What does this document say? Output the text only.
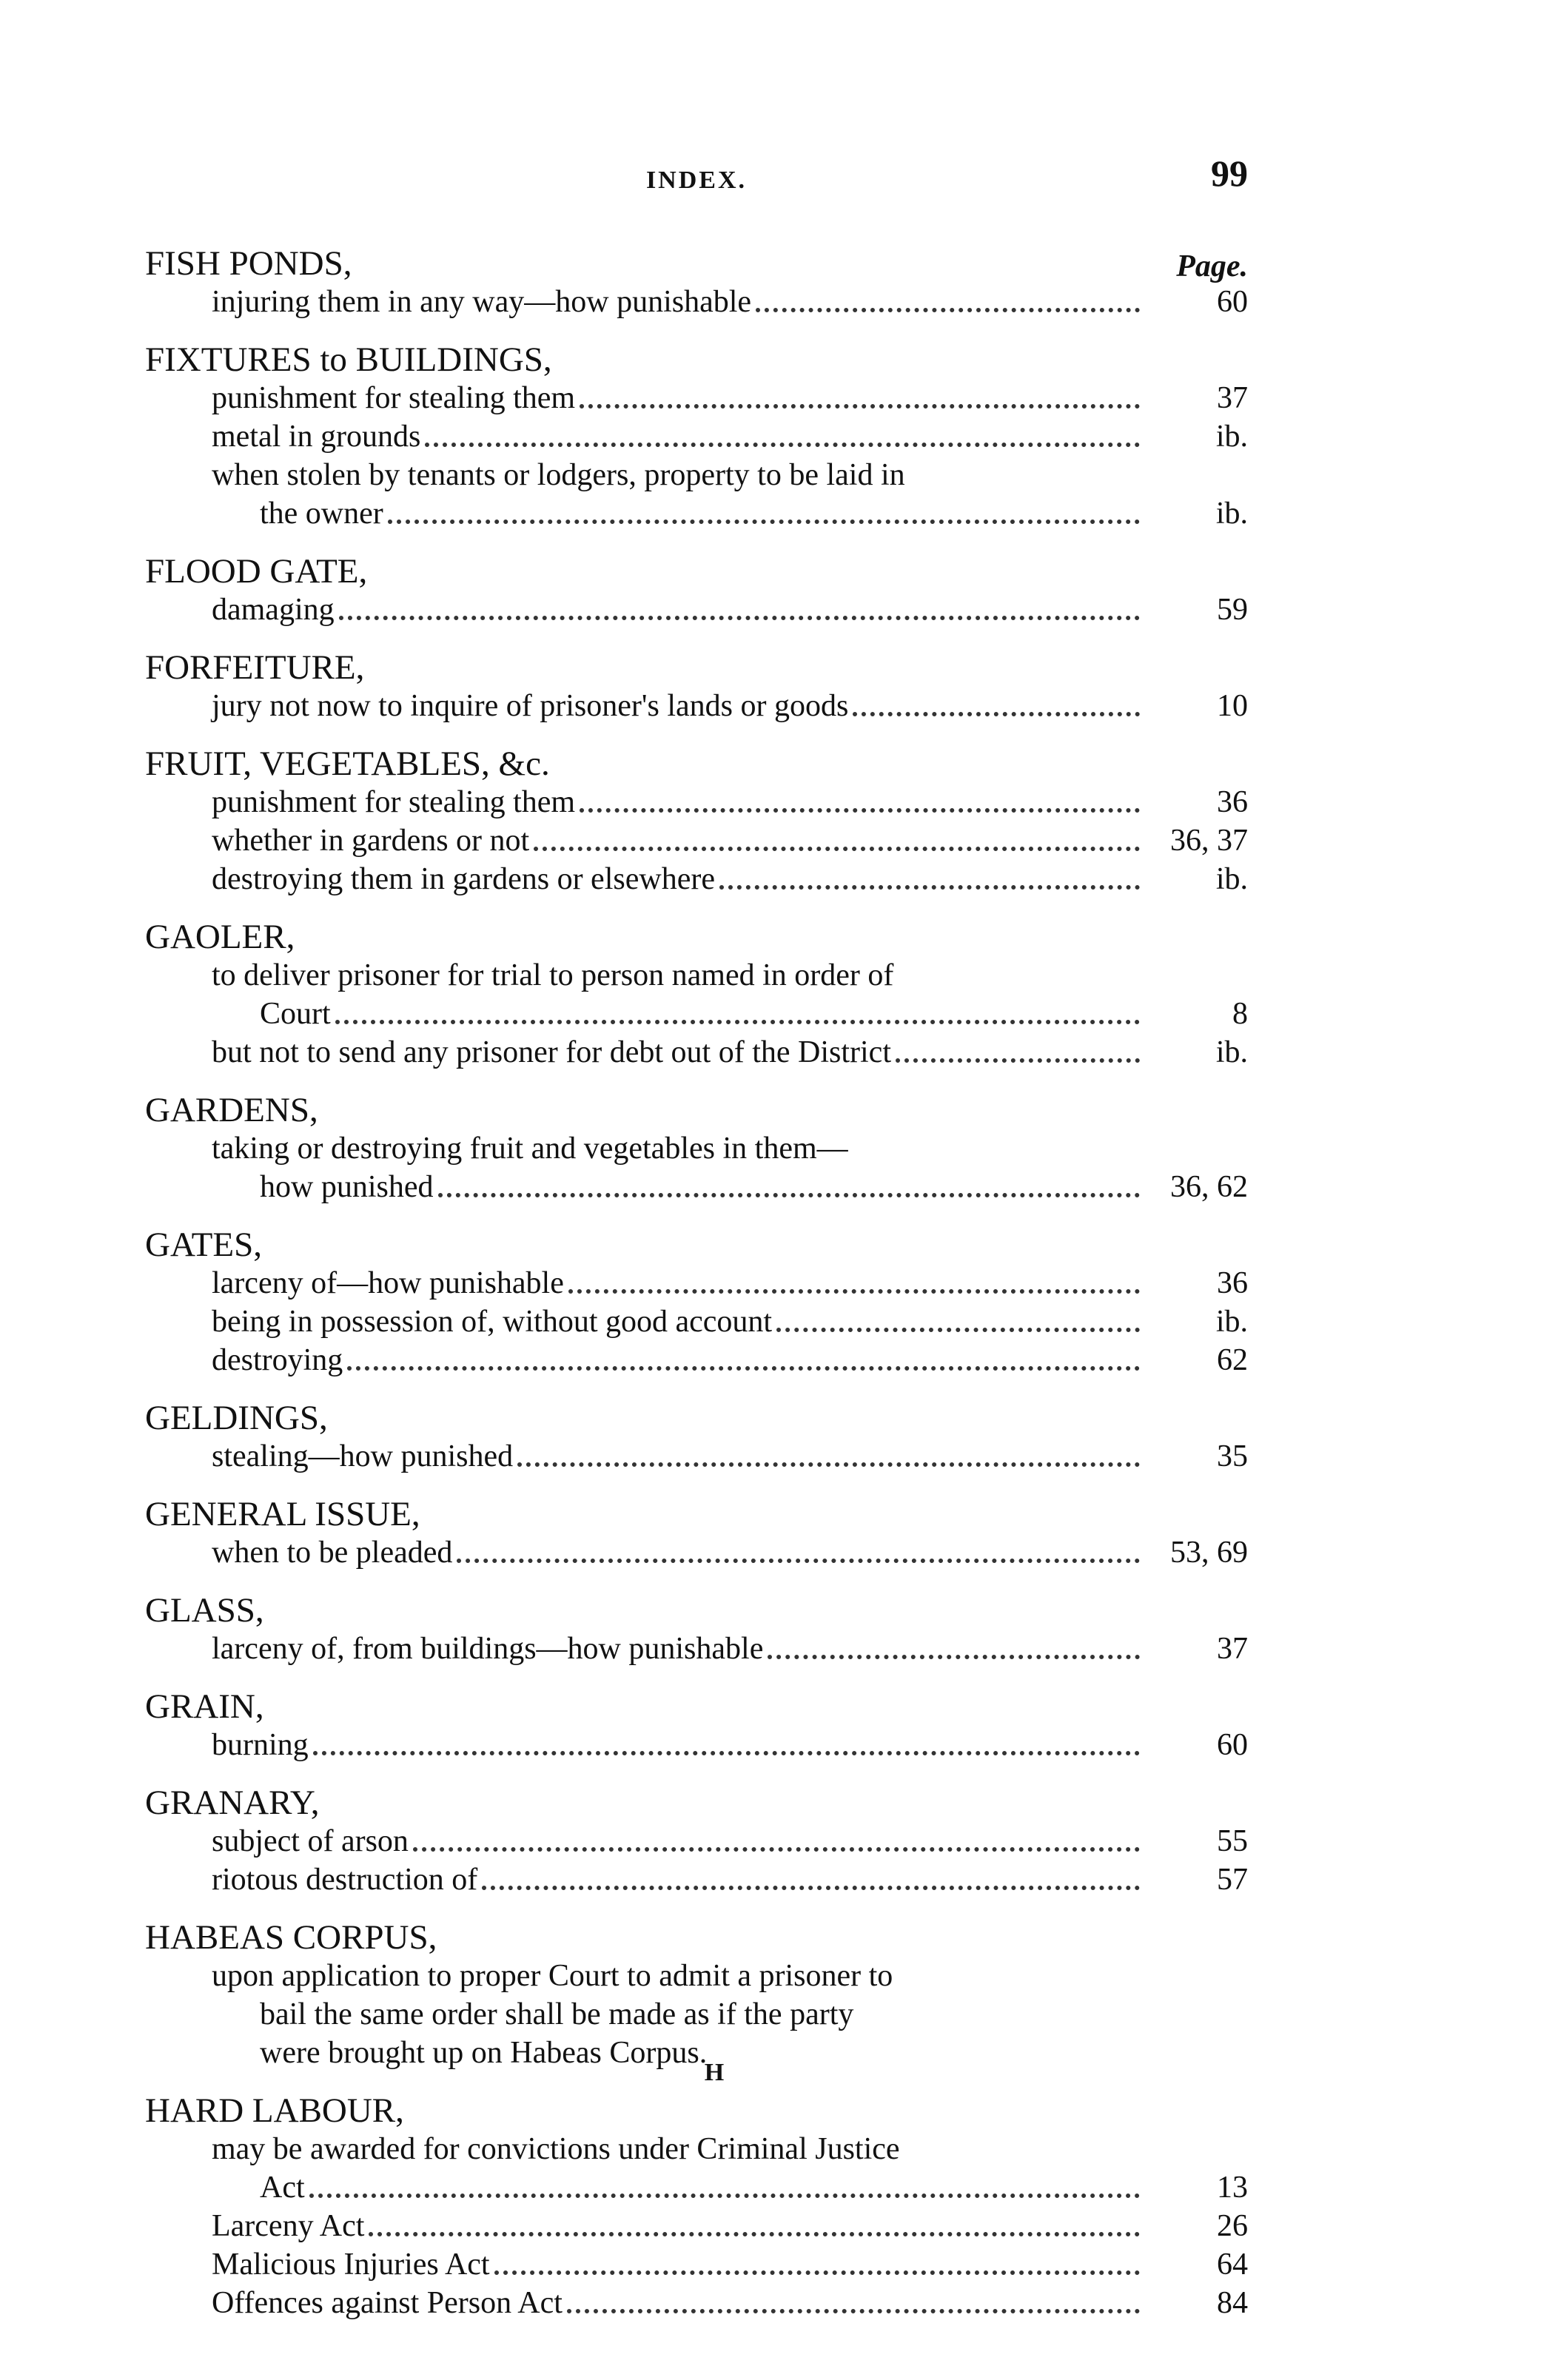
INDEX.	99
FISH PONDS,	Page.
injuring them in any way—how punishable	60
FIXTURES to BUILDINGS,
punishment for stealing them	37
metal in grounds	ib.
when stolen by tenants or lodgers, property to be laid in
the owner	ib.
FLOOD GATE,
damaging	59
FORFEITURE,
jury not now to inquire of prisoner's lands or goods	10
FRUIT, VEGETABLES, &c.
punishment for stealing them	36
whether in gardens or not	36, 37
destroying them in gardens or elsewhere	ib.
GAOLER,
to deliver prisoner for trial to person named in order of
Court	8
but not to send any prisoner for debt out of the District	ib.
GARDENS,
taking or destroying fruit and vegetables in them—
how punished	36, 62
GATES,
larceny of—how punishable	36
being in possession of, without good account	ib.
destroying	62
GELDINGS,
stealing—how punished	35
GENERAL ISSUE,
when to be pleaded	53, 69
GLASS,
larceny of, from buildings—how punishable	37
GRAIN,
burning	60
GRANARY,
subject of arson	55
riotous destruction of	57
HABEAS CORPUS,
upon application to proper Court to admit a prisoner to
bail the same order shall be made as if the party
were brought up on Habeas Corpus.
HARD LABOUR,
may be awarded for convictions under Criminal Justice
Act	13
Larceny Act	26
Malicious Injuries Act	64
Offences against Person Act	84
H
